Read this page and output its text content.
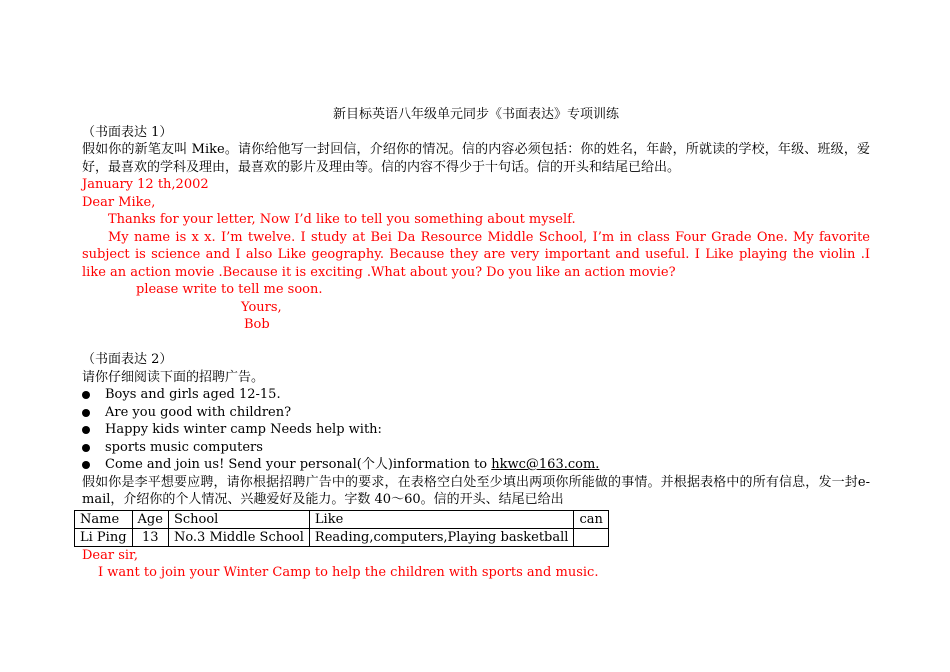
新目标英语八年级单元同步《书面表达》专项训练
（书面表达 1）
假如你的新笔友叫 Mike。请你给他写一封回信，介绍你的情况。信的内容必须包括：你的姓名，年龄，所就读的学校，年级、班级，爱好，最喜欢的学科及理由，最喜欢的影片及理由等。信的内容不得少于十句话。信的开头和结尾已给出。
January 12 th,2002
Dear Mike,
Thanks for your letter, Now I’d like to tell you something about myself.
My name is x x. I’m twelve. I study at Bei Da Resource Middle School, I’m in class Four Grade One. My favorite subject is science and I also Like geography. Because they are very important and useful. I Like playing the violin .I like an action movie .Because it is exciting .What about you? Do you like an action movie?
please write to tell me soon.
Yours,
Bob
（书面表达 2）
请你仔细阅读下面的招聘广告。
Boys and girls aged 12-15.
Are you good with children?
Happy kids winter camp Needs help with:
sports music computers
Come and join us! Send your personal(个人)information to hkwc@163.com.
假如你是李平想要应聘，请你根据招聘广告中的要求，在表格空白处至少填出两项你所能做的事情。并根据表格中的所有信息，发一封e-mail，介绍你的个人情况、兴趣爱好及能力。字数 40～60。信的开头、结尾已给出
Name	Age	School	Like	can
Li Ping	13	No.3 Middle School	Reading,computers,Playing basketball	
Dear sir,
I want to join your Winter Camp to help the children with sports and music.
